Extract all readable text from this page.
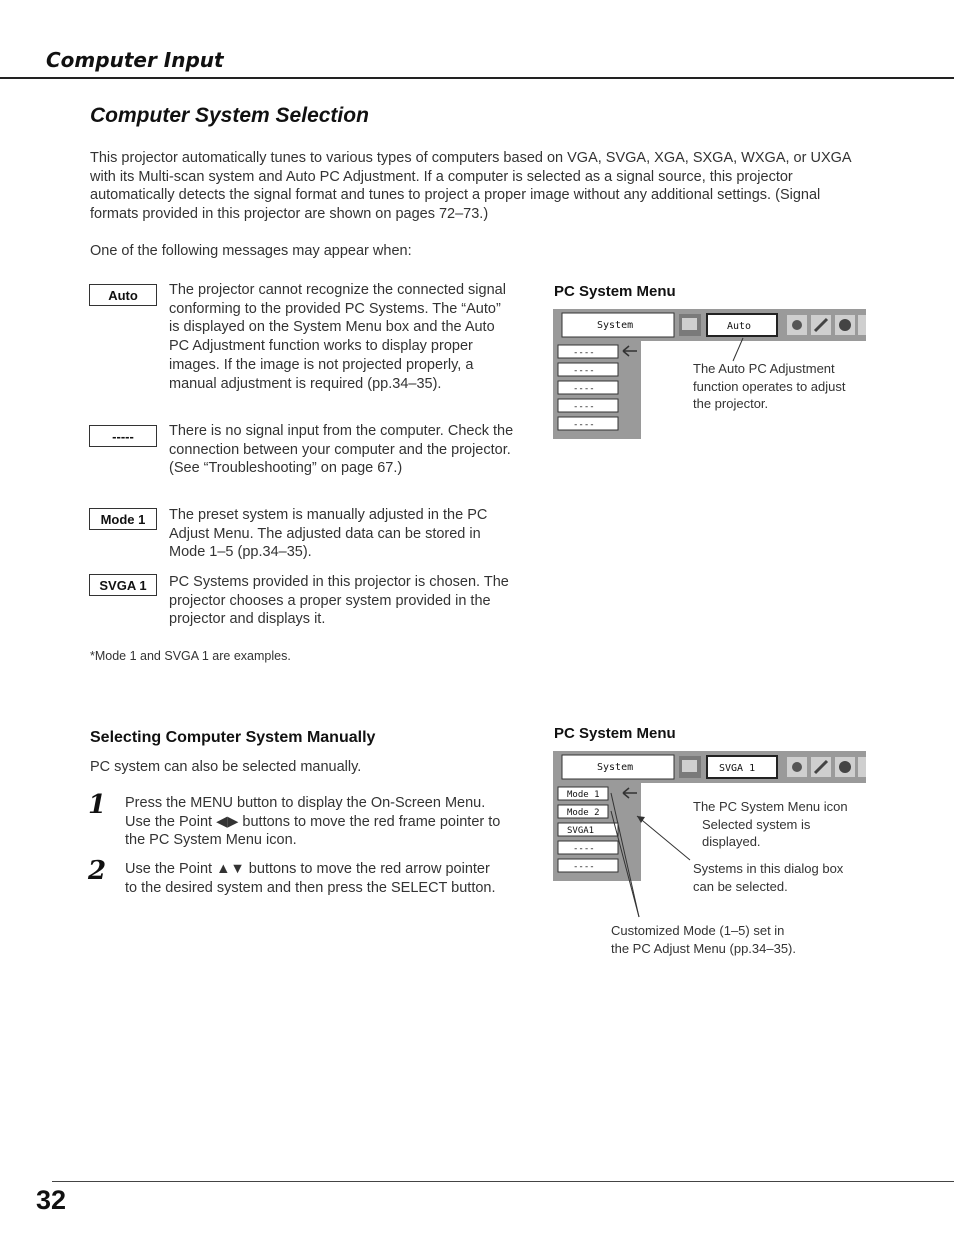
Computer Input
Computer System Selection
This projector automatically tunes to various types of computers based on VGA, SVGA, XGA, SXGA, WXGA, or UXGA with its Multi-scan system and Auto PC Adjustment. If a computer is selected as a signal source, this projector automatically detects the signal format and tunes to project a proper image without any additional settings. (Signal formats provided in this projector are shown on pages 72–73.)
One of the following messages may appear when:
Auto	The projector cannot recognize the connected signal conforming to the provided PC Systems. The “Auto” is displayed on the System Menu box and the Auto PC Adjustment function works to display proper images. If the image is not projected properly, a manual adjustment is required (pp.34–35).
-----	There is no signal input from the computer. Check the connection between your computer and the projector. (See “Troubleshooting” on page 67.)
Mode 1	The preset system is manually adjusted in the PC Adjust Menu. The adjusted data can be stored in Mode 1–5 (pp.34–35).
SVGA 1	PC Systems provided in this projector is chosen. The projector chooses a proper system provided in the projector and displays it.
*Mode 1 and SVGA 1 are examples.
PC System Menu
System	Auto
----
----
----
----
----
The Auto PC Adjustment
function operates to adjust
the projector.
Selecting Computer System Manually
PC system can also be selected manually.
1 Press the MENU button to display the On-Screen Menu. Use the Point ◀▶ buttons to move the red frame pointer to the PC System Menu icon.
2 Use the Point ▲▼ buttons to move the red arrow pointer to the desired system and then press the SELECT button.
PC System Menu
System	SVGA 1
Mode 1
Mode 2
SVGA1
----
----
The PC System Menu icon
Selected system is
displayed.
Systems in this dialog box
can be selected.
Customized Mode (1–5) set in
the PC Adjust Menu (pp.34–35).
32
